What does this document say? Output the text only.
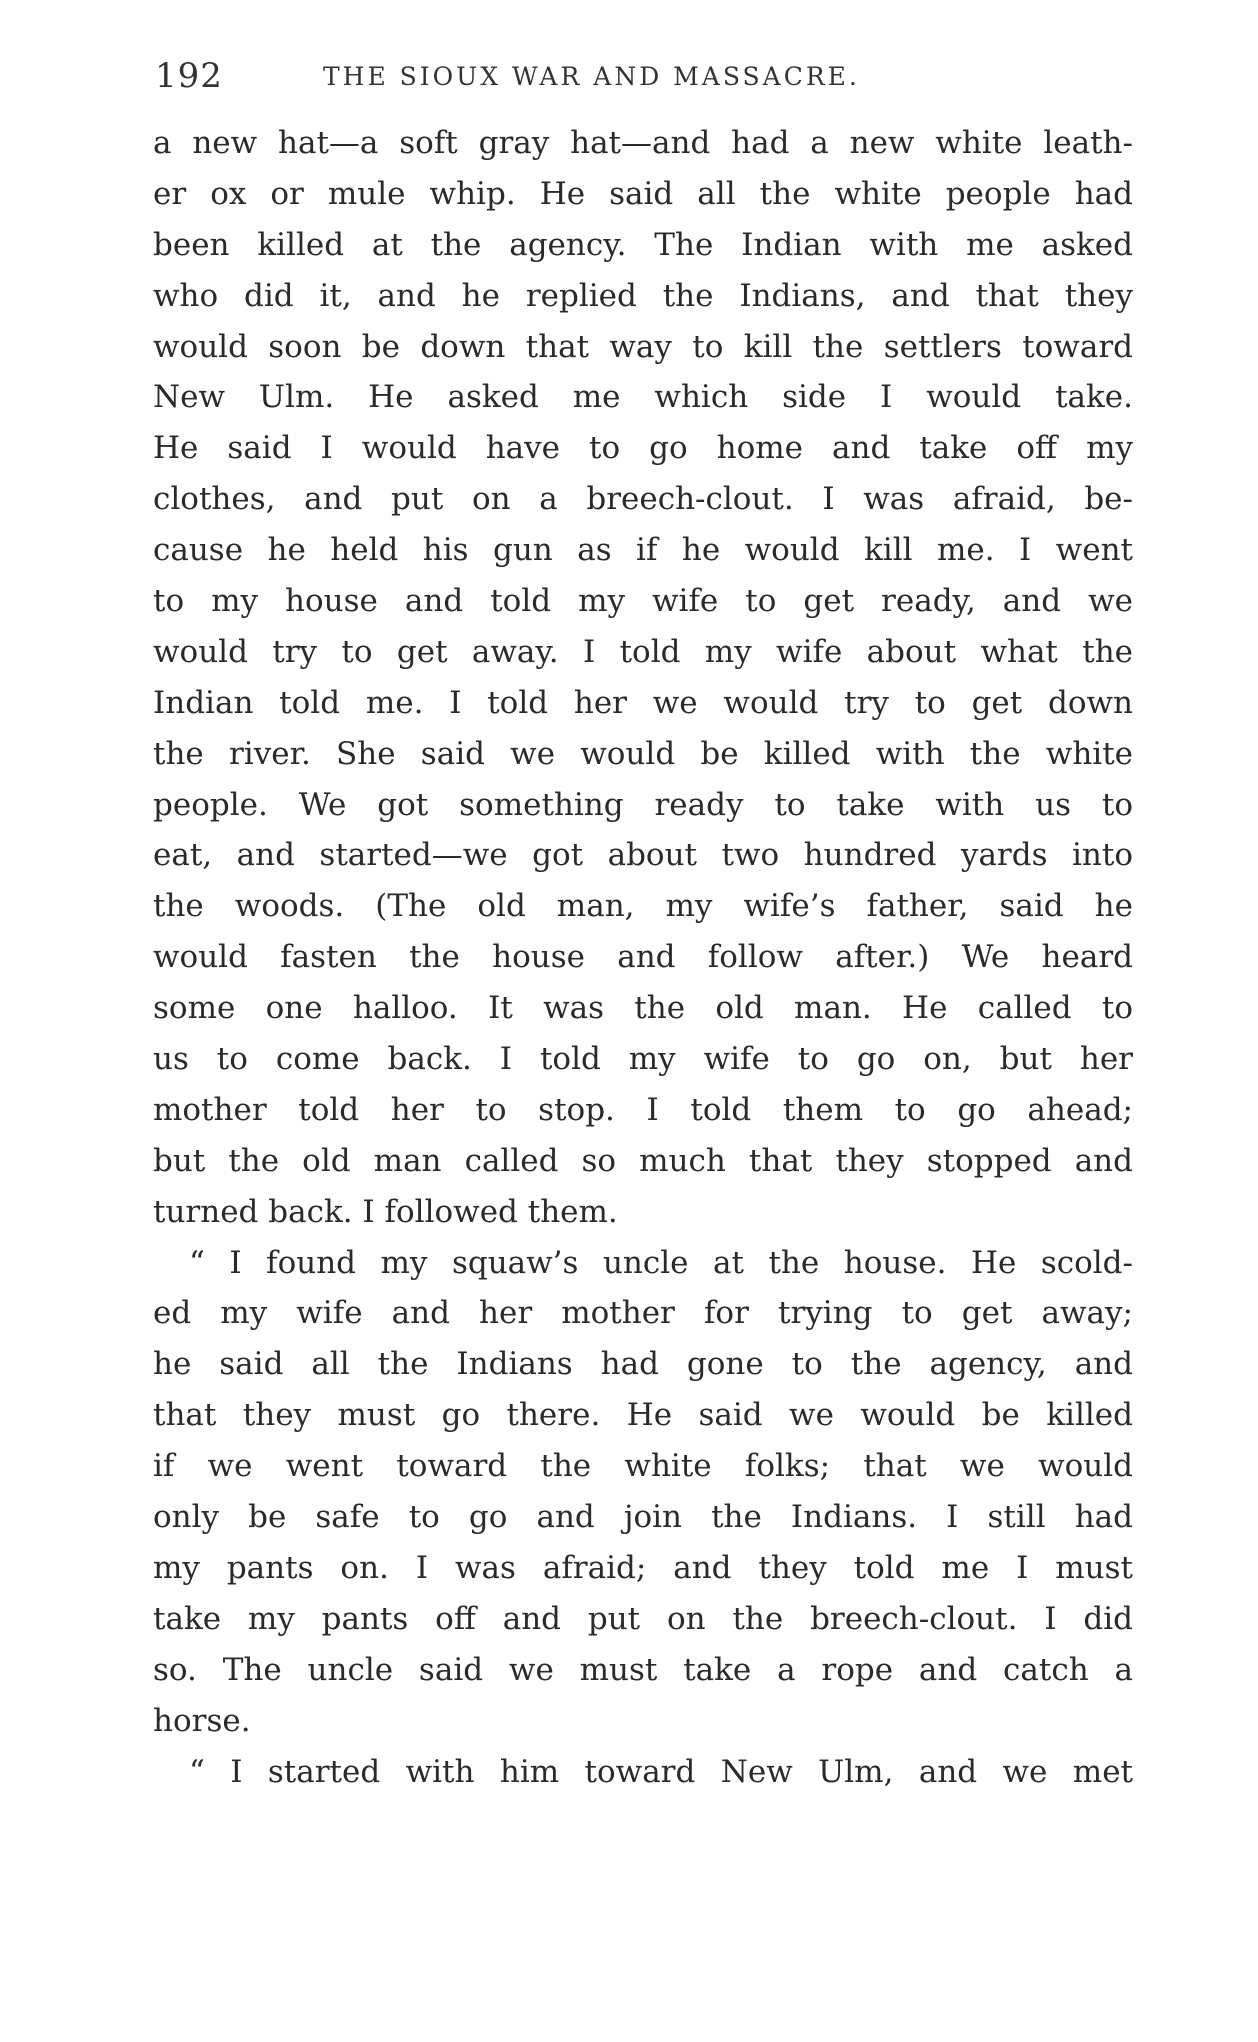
192	THE SIOUX WAR AND MASSACRE.
a new hat—a soft gray hat—and had a new white leath-
er ox or mule whip. He said all the white people had
been killed at the agency. The Indian with me asked
who did it, and he replied the Indians, and that they
would soon be down that way to kill the settlers toward
New Ulm. He asked me which side I would take.
He said I would have to go home and take off my
clothes, and put on a breech-clout. I was afraid, be-
cause he held his gun as if he would kill me. I went
to my house and told my wife to get ready, and we
would try to get away. I told my wife about what the
Indian told me. I told her we would try to get down
the river. She said we would be killed with the white
people. We got something ready to take with us to
eat, and started—we got about two hundred yards into
the woods. (The old man, my wife’s father, said he
would fasten the house and follow after.) We heard
some one halloo. It was the old man. He called to
us to come back. I told my wife to go on, but her
mother told her to stop. I told them to go ahead;
but the old man called so much that they stopped and
turned back. I followed them.
“ I found my squaw’s uncle at the house. He scold-
ed my wife and her mother for trying to get away;
he said all the Indians had gone to the agency, and
that they must go there. He said we would be killed
if we went toward the white folks; that we would
only be safe to go and join the Indians. I still had
my pants on. I was afraid; and they told me I must
take my pants off and put on the breech-clout. I did
so. The uncle said we must take a rope and catch a
horse.
“ I started with him toward New Ulm, and we met
